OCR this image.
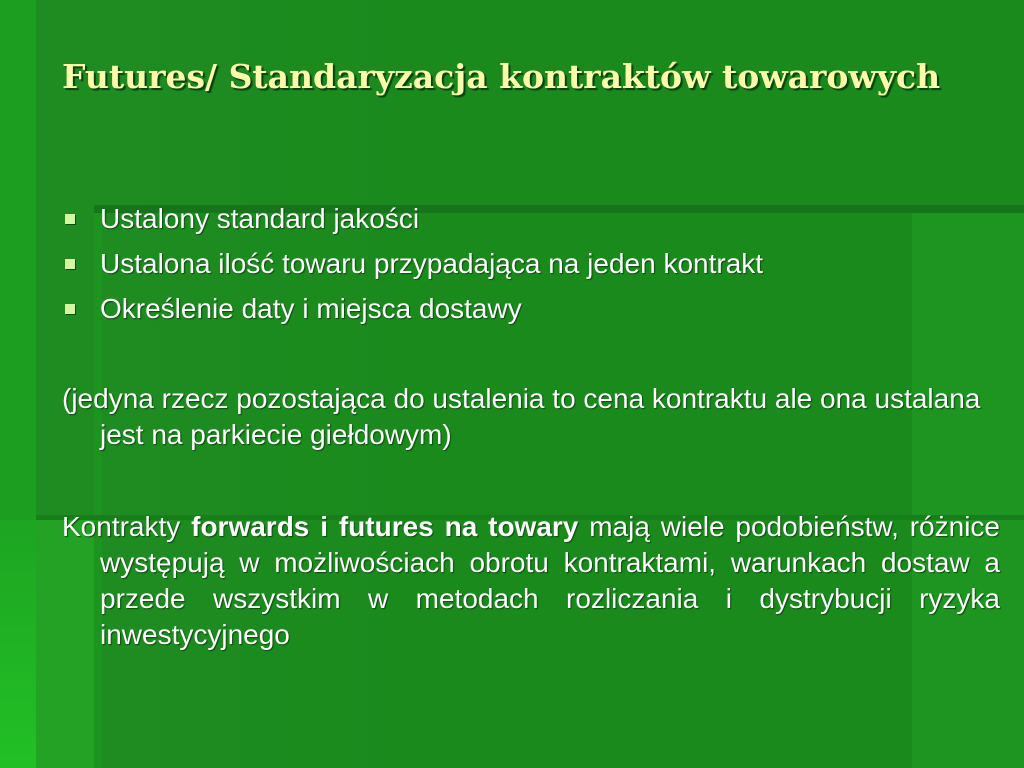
Futures/ Standaryzacja kontraktów towarowych
Ustalony standard jakości
Ustalona ilość towaru przypadająca na jeden kontrakt
Określenie daty i miejsca dostawy

(jedyna rzecz pozostająca do ustalenia to cena kontraktu ale ona ustalana jest na parkiecie giełdowym)

Kontrakty forwards i futures na towary mają wiele podobieństw, różnice występują w możliwościach obrotu kontraktami, warunkach dostaw a przede wszystkim w metodach rozliczania i dystrybucji ryzyka inwestycyjnego
